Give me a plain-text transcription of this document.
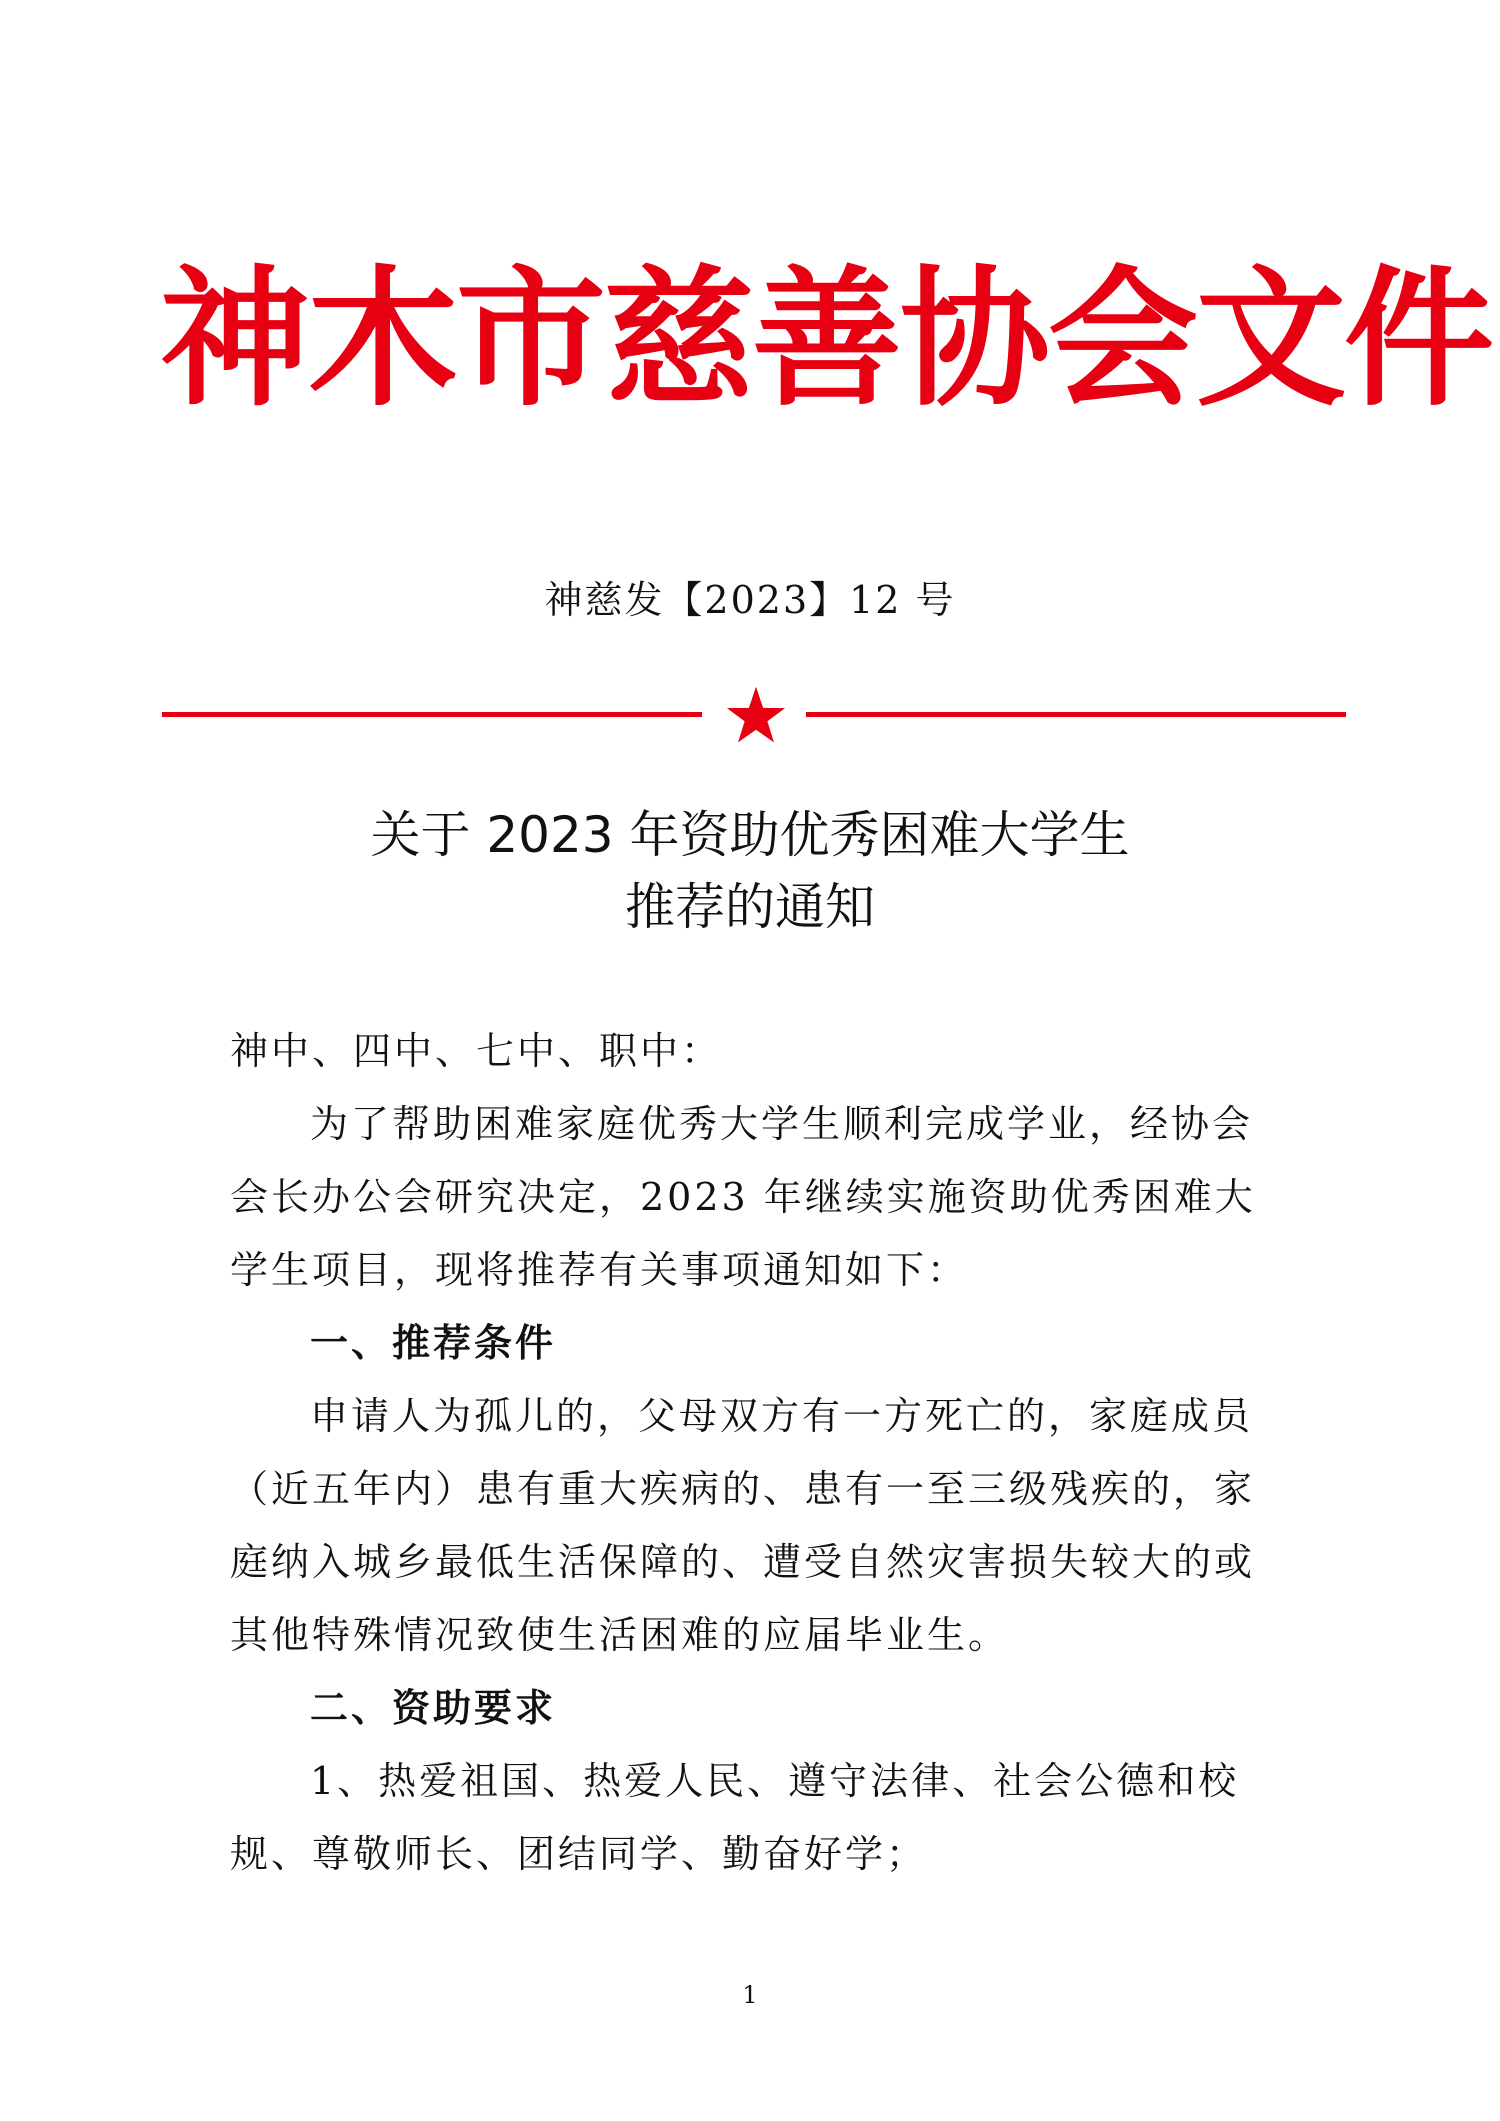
神木市慈善协会文件
神慈发【2023】12 号
关于 2023 年资助优秀困难大学生
推荐的通知

神中、四中、七中、职中：

为了帮助困难家庭优秀大学生顺利完成学业，经协会会长办公会研究决定，2023 年继续实施资助优秀困难大学生项目，现将推荐有关事项通知如下：

一、推荐条件

申请人为孤儿的，父母双方有一方死亡的，家庭成员（近五年内）患有重大疾病的、患有一至三级残疾的，家庭纳入城乡最低生活保障的、遭受自然灾害损失较大的或其他特殊情况致使生活困难的应届毕业生。

二、资助要求

1、热爱祖国、热爱人民、遵守法律、社会公德和校规、尊敬师长、团结同学、勤奋好学；

1
